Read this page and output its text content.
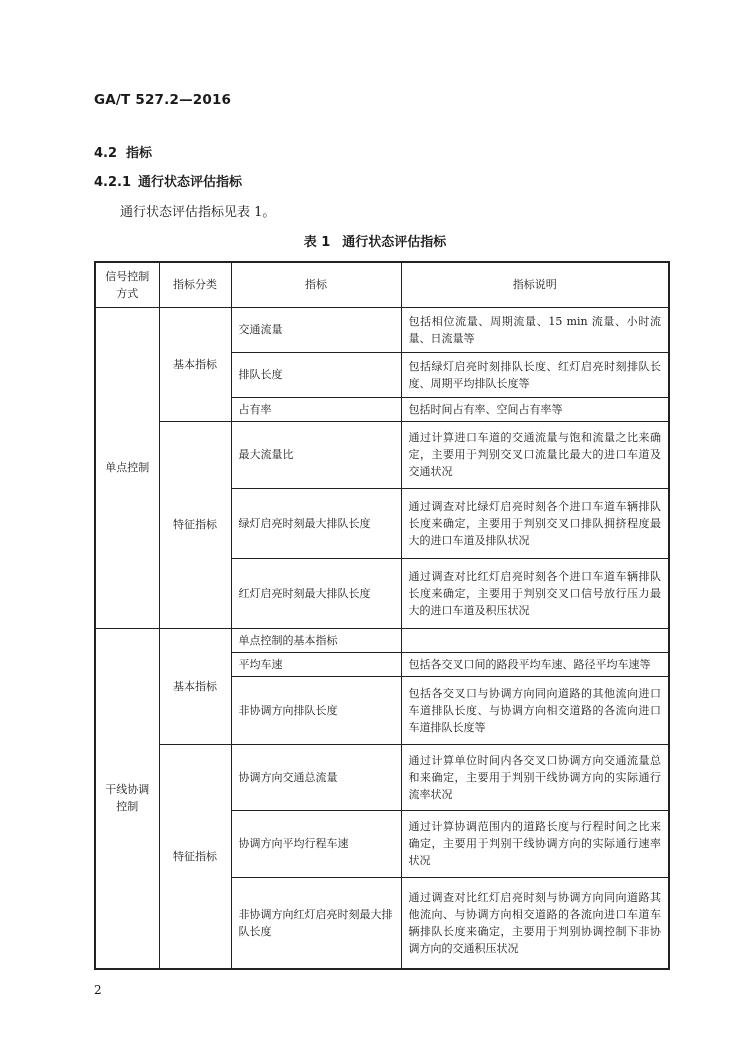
GA/T 527.2—2016
4.2 指标
4.2.1 通行状态评估指标
通行状态评估指标见表 1。
表 1 通行状态评估指标
信号控制方式	指标分类	指标	指标说明
单点控制	基本指标	交通流量	包括相位流量、周期流量、15 min 流量、小时流量、日流量等
		排队长度	包括绿灯启亮时刻排队长度、红灯启亮时刻排队长度、周期平均排队长度等
		占有率	包括时间占有率、空间占有率等
	特征指标	最大流量比	通过计算进口车道的交通流量与饱和流量之比来确定，主要用于判别交叉口流量比最大的进口车道及交通状况
		绿灯启亮时刻最大排队长度	通过调查对比绿灯启亮时刻各个进口车道车辆排队长度来确定，主要用于判别交叉口排队拥挤程度最大的进口车道及排队状况
		红灯启亮时刻最大排队长度	通过调查对比红灯启亮时刻各个进口车道车辆排队长度来确定，主要用于判别交叉口信号放行压力最大的进口车道及积压状况
干线协调控制	基本指标	单点控制的基本指标	
		平均车速	包括各交叉口间的路段平均车速、路径平均车速等
		非协调方向排队长度	包括各交叉口与协调方向同向道路的其他流向进口车道排队长度、与协调方向相交道路的各流向进口车道排队长度等
	特征指标	协调方向交通总流量	通过计算单位时间内各交叉口协调方向交通流量总和来确定，主要用于判别干线协调方向的实际通行流率状况
		协调方向平均行程车速	通过计算协调范围内的道路长度与行程时间之比来确定，主要用于判别干线协调方向的实际通行速率状况
		非协调方向红灯启亮时刻最大排队长度	通过调查对比红灯启亮时刻与协调方向同向道路其他流向、与协调方向相交道路的各流向进口车道车辆排队长度来确定，主要用于判别协调控制下非协调方向的交通积压状况
2
